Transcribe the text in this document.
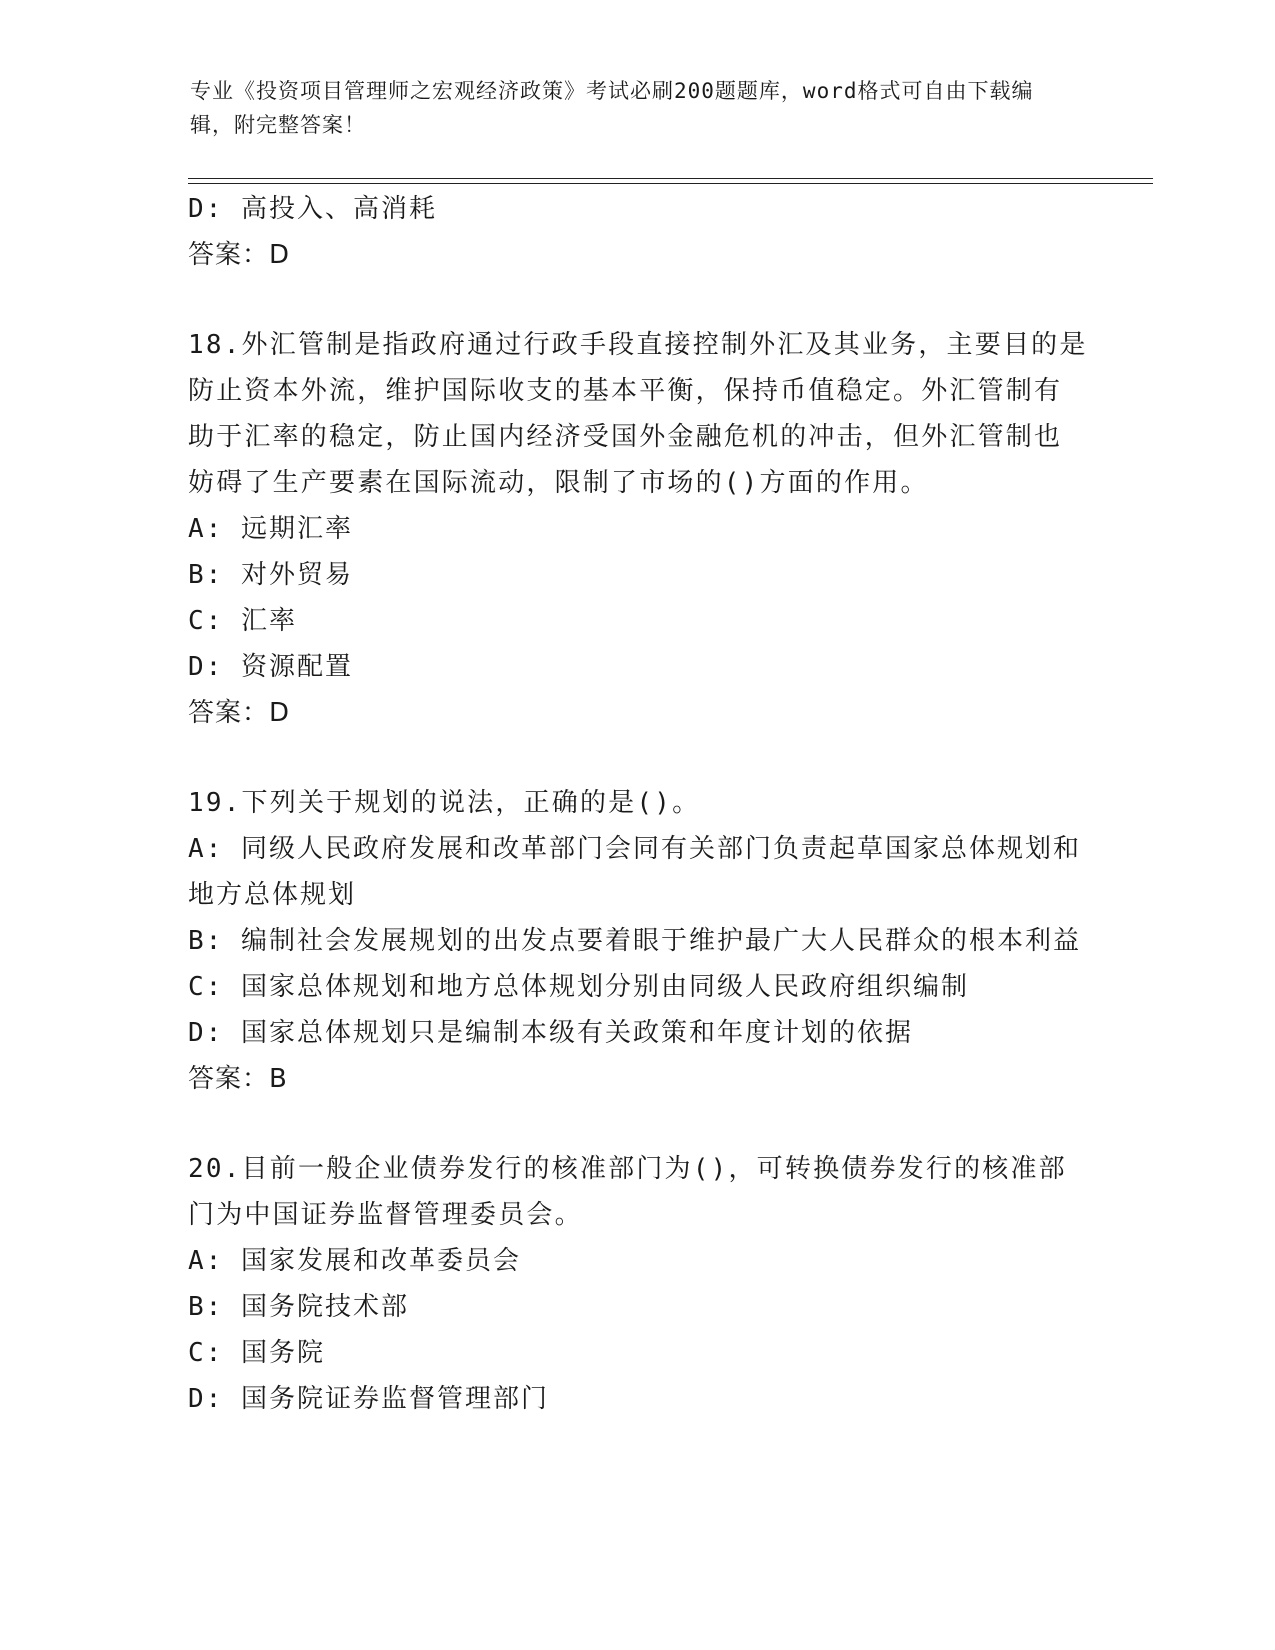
专业《投资项目管理师之宏观经济政策》考试必刷200题题库，word格式可自由下载编辑，附完整答案！
D: 高投入、高消耗
答案：D
18.外汇管制是指政府通过行政手段直接控制外汇及其业务，主要目的是防止资本外流，维护国际收支的基本平衡，保持币值稳定。外汇管制有助于汇率的稳定，防止国内经济受国外金融危机的冲击，但外汇管制也妨碍了生产要素在国际流动，限制了市场的()方面的作用。
A: 远期汇率
B: 对外贸易
C: 汇率
D: 资源配置
答案：D
19.下列关于规划的说法，正确的是()。
A: 同级人民政府发展和改革部门会同有关部门负责起草国家总体规划和地方总体规划
B: 编制社会发展规划的出发点要着眼于维护最广大人民群众的根本利益
C: 国家总体规划和地方总体规划分别由同级人民政府组织编制
D: 国家总体规划只是编制本级有关政策和年度计划的依据
答案：B
20.目前一般企业债券发行的核准部门为()，可转换债券发行的核准部门为中国证券监督管理委员会。
A: 国家发展和改革委员会
B: 国务院技术部
C: 国务院
D: 国务院证券监督管理部门
